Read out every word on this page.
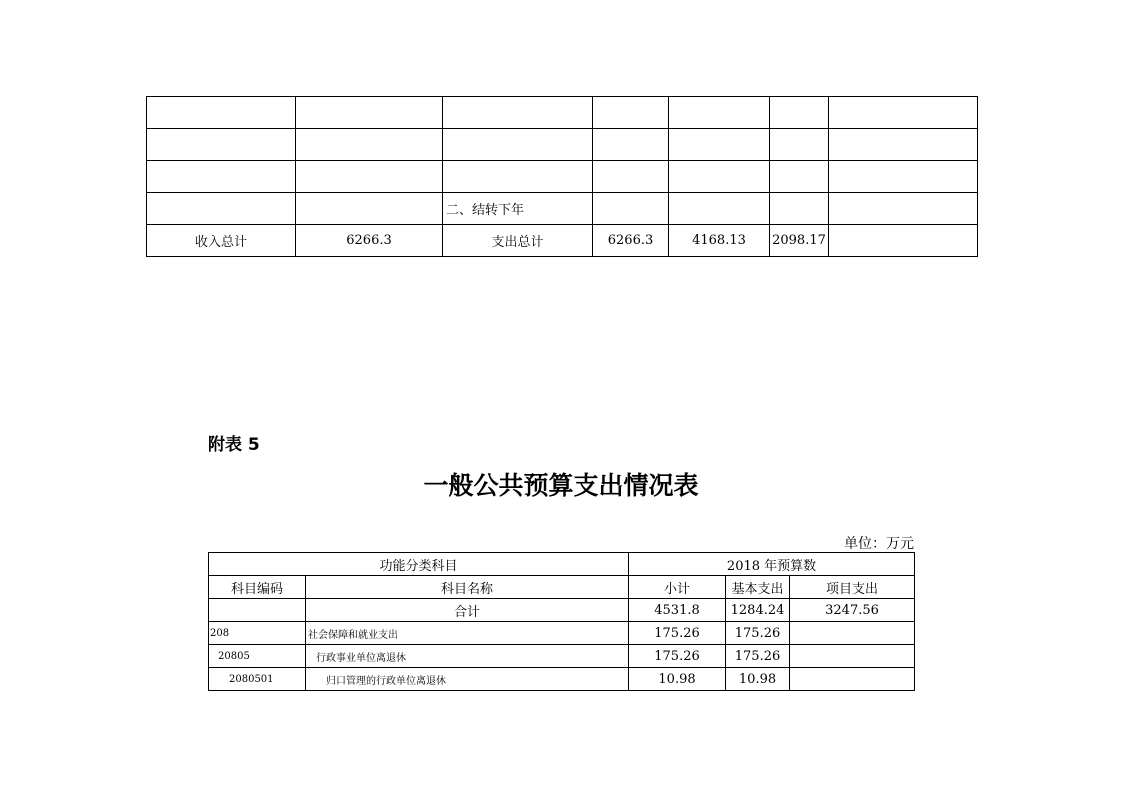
		二、结转下年				
收入总计	6266.3	支出总计	6266.3	4168.13	2098.17	
附表 5
一般公共预算支出情况表
单位：万元
功能分类科目		2018 年预算数		
科目编码	科目名称	小计	基本支出	项目支出
	合计	4531.8	1284.24	3247.56
208	社会保障和就业支出	175.26	175.26	
20805	行政事业单位离退休	175.26	175.26	
2080501	归口管理的行政单位离退休	10.98	10.98	
